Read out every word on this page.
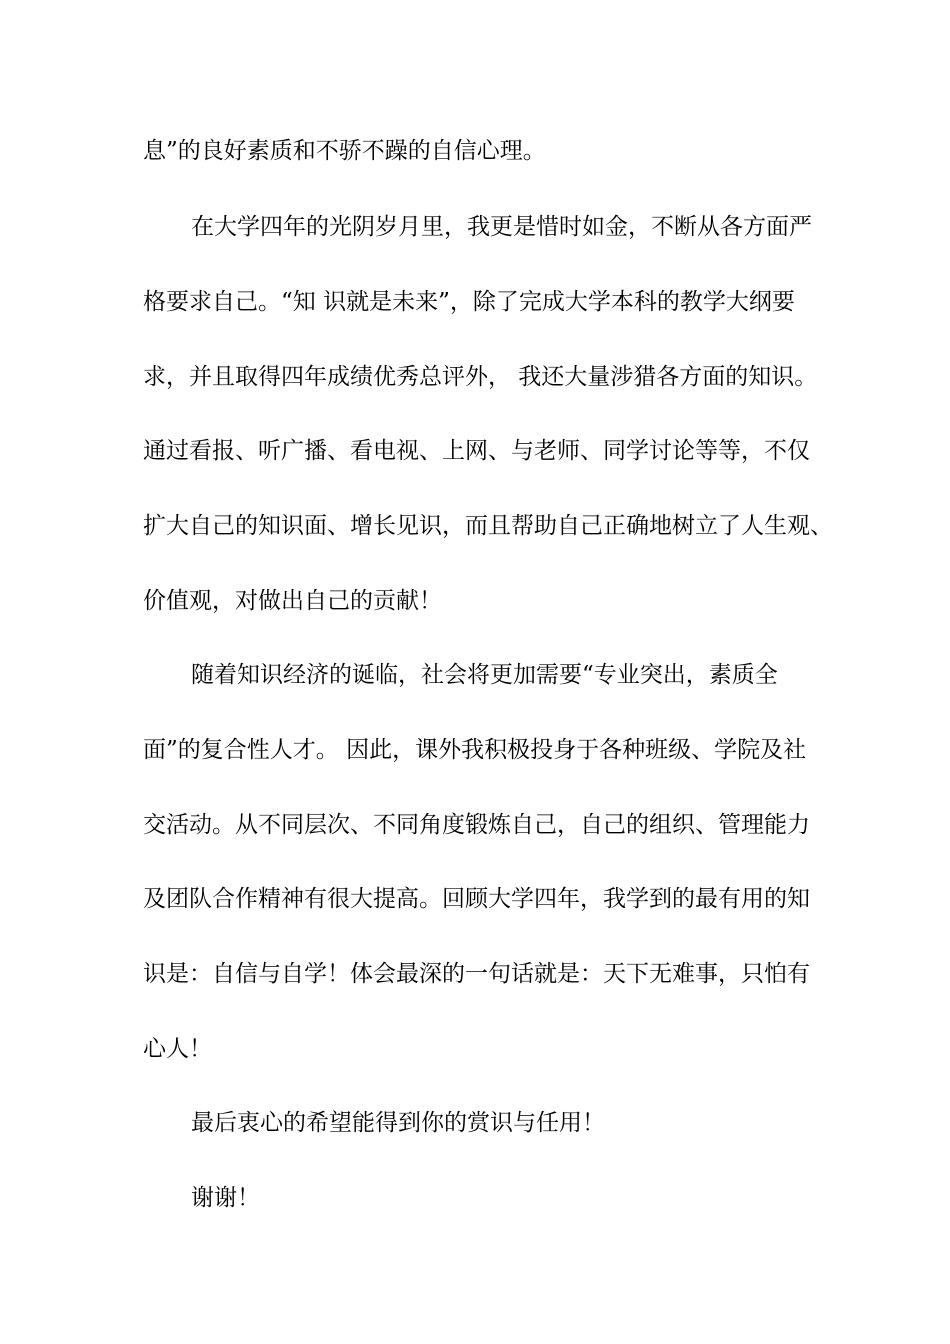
息”的良好素质和不骄不躁的自信心理。
在大学四年的光阴岁月里，我更是惜时如金，不断从各方面严
格要求自己。“知 识就是未来”，除了完成大学本科的教学大纲要
求，并且取得四年成绩优秀总评外， 我还大量涉猎各方面的知识。
通过看报、听广播、看电视、上网、与老师、同学讨论等等，不仅
扩大自己的知识面、增长见识，而且帮助自己正确地树立了人生观、
价值观，对做出自己的贡献！
随着知识经济的诞临，社会将更加需要“专业突出，素质全
面”的复合性人才。 因此，课外我积极投身于各种班级、学院及社
交活动。从不同层次、不同角度锻炼自己，自己的组织、管理能力
及团队合作精神有很大提高。回顾大学四年，我学到的最有用的知
识是：自信与自学！体会最深的一句话就是：天下无难事，只怕有
心人！
最后衷心的希望能得到你的赏识与任用！
谢谢！
